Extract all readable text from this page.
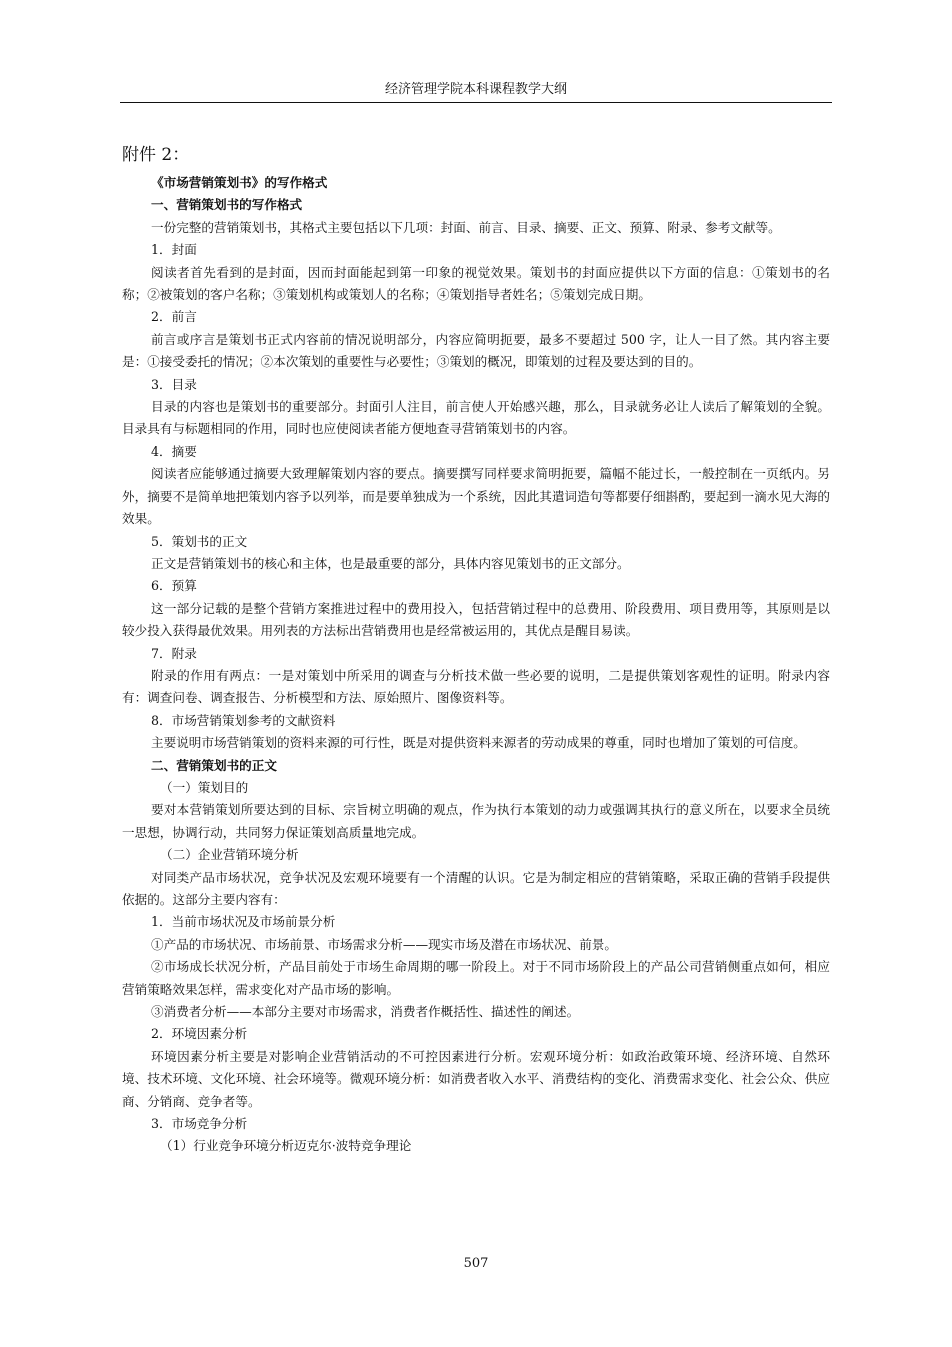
经济管理学院本科课程教学大纲
附件 2：

《市场营销策划书》的写作格式

一、营销策划书的写作格式

一份完整的营销策划书，其格式主要包括以下几项：封面、前言、目录、摘要、正文、预算、附录、参考文献等。

1．封面

阅读者首先看到的是封面，因而封面能起到第一印象的视觉效果。策划书的封面应提供以下方面的信息：①策划书的名称；②被策划的客户名称；③策划机构或策划人的名称；④策划指导者姓名；⑤策划完成日期。

2．前言

前言或序言是策划书正式内容前的情况说明部分，内容应简明扼要，最多不要超过 500 字，让人一目了然。其内容主要是：①接受委托的情况；②本次策划的重要性与必要性；③策划的概况，即策划的过程及要达到的目的。

3．目录

目录的内容也是策划书的重要部分。封面引人注目，前言使人开始感兴趣，那么，目录就务必让人读后了解策划的全貌。目录具有与标题相同的作用，同时也应使阅读者能方便地查寻营销策划书的内容。

4．摘要

阅读者应能够通过摘要大致理解策划内容的要点。摘要撰写同样要求简明扼要，篇幅不能过长，一般控制在一页纸内。另外，摘要不是简单地把策划内容予以列举，而是要单独成为一个系统，因此其遣词造句等都要仔细斟酌，要起到一滴水见大海的效果。

5．策划书的正文

正文是营销策划书的核心和主体，也是最重要的部分，具体内容见策划书的正文部分。

6．预算

这一部分记载的是整个营销方案推进过程中的费用投入，包括营销过程中的总费用、阶段费用、项目费用等，其原则是以较少投入获得最优效果。用列表的方法标出营销费用也是经常被运用的，其优点是醒目易读。

7．附录

附录的作用有两点：一是对策划中所采用的调查与分析技术做一些必要的说明，二是提供策划客观性的证明。附录内容有：调查问卷、调查报告、分析模型和方法、原始照片、图像资料等。

8．市场营销策划参考的文献资料

主要说明市场营销策划的资料来源的可行性，既是对提供资料来源者的劳动成果的尊重，同时也增加了策划的可信度。

二、营销策划书的正文

（一）策划目的

要对本营销策划所要达到的目标、宗旨树立明确的观点，作为执行本策划的动力或强调其执行的意义所在，以要求全员统一思想，协调行动，共同努力保证策划高质量地完成。

（二）企业营销环境分析

对同类产品市场状况，竞争状况及宏观环境要有一个清醒的认识。它是为制定相应的营销策略，采取正确的营销手段提供依据的。这部分主要内容有：

1．当前市场状况及市场前景分析

①产品的市场状况、市场前景、市场需求分析——现实市场及潜在市场状况、前景。

②市场成长状况分析，产品目前处于市场生命周期的哪一阶段上。对于不同市场阶段上的产品公司营销侧重点如何，相应营销策略效果怎样，需求变化对产品市场的影响。

③消费者分析——本部分主要对市场需求，消费者作概括性、描述性的阐述。

2．环境因素分析

环境因素分析主要是对影响企业营销活动的不可控因素进行分析。宏观环境分析：如政治政策环境、经济环境、自然环境、技术环境、文化环境、社会环境等。微观环境分析：如消费者收入水平、消费结构的变化、消费需求变化、社会公众、供应商、分销商、竞争者等。

3．市场竞争分析

（1）行业竞争环境分析迈克尔·波特竞争理论

507
